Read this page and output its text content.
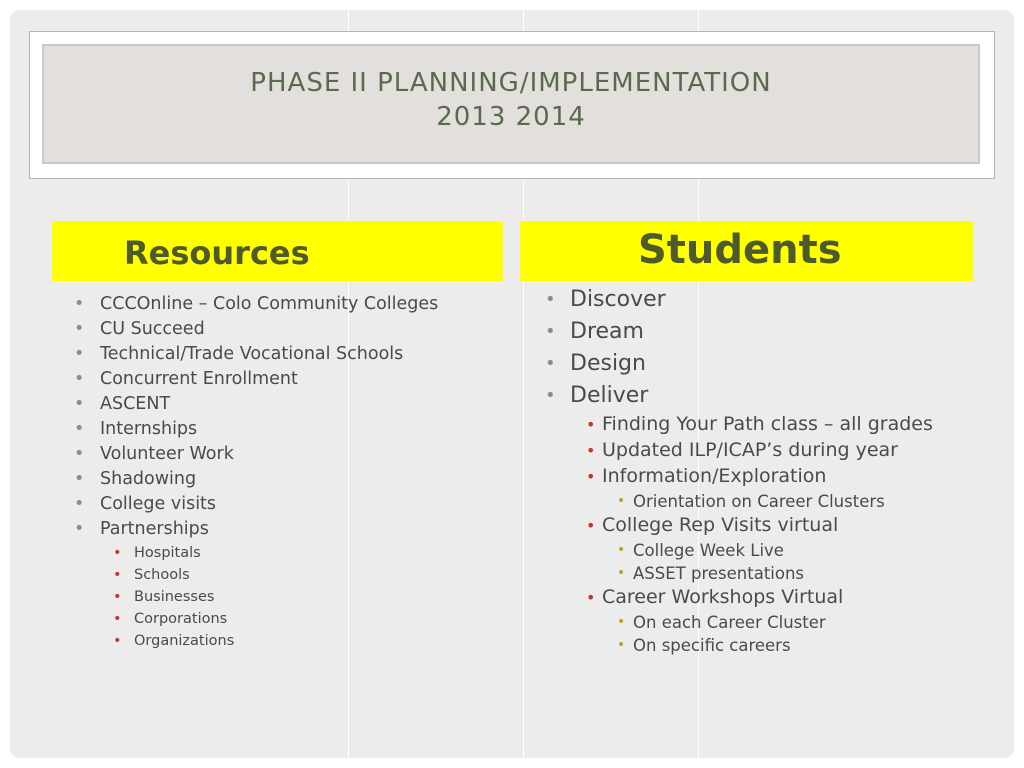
PHASE II PLANNING/IMPLEMENTATION
2013 2014
Resources	Students
• CCCOnline – Colo Community Colleges
• CU Succeed
• Technical/Trade Vocational Schools
• Concurrent Enrollment
• ASCENT
• Internships
• Volunteer Work
• Shadowing
• College visits
• Partnerships
• Hospitals
• Schools
• Businesses
• Corporations
• Organizations
• Discover
• Dream
• Design
• Deliver
• Finding Your Path class – all grades
• Updated ILP/ICAP’s during year
• Information/Exploration
• Orientation on Career Clusters
• College Rep Visits virtual
• College Week Live
• ASSET presentations
• Career Workshops Virtual
• On each Career Cluster
• On specific careers
